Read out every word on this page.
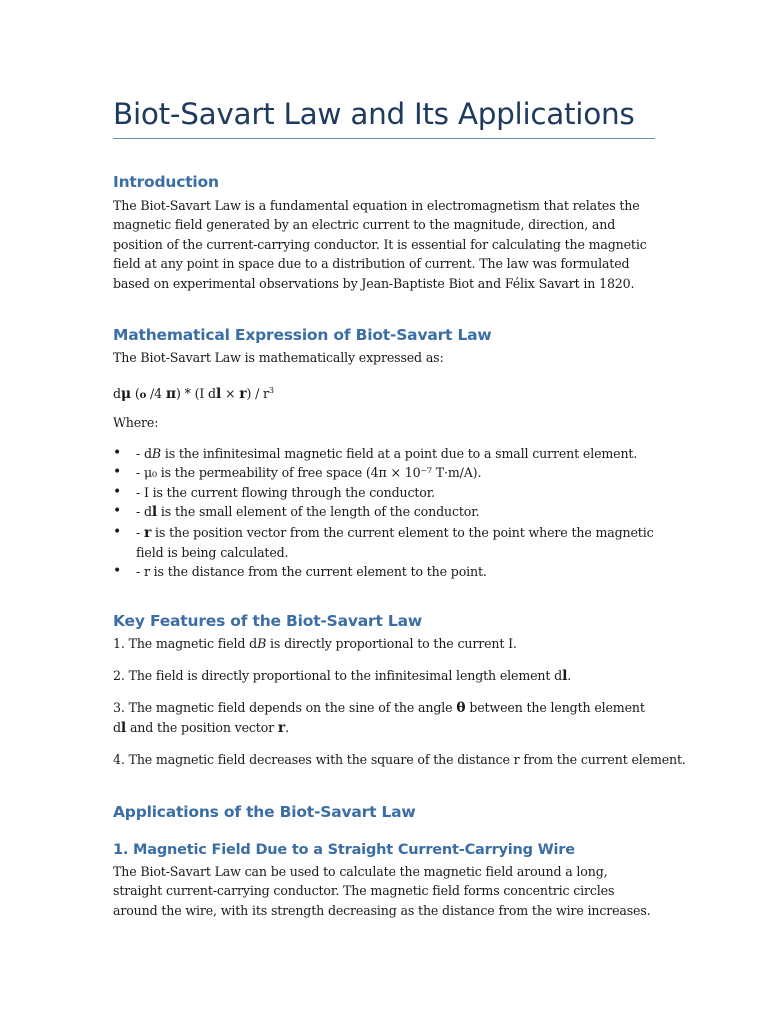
Biot-Savart Law and Its Applications
Introduction

The Biot-Savart Law is a fundamental equation in electromagnetism that relates the magnetic field generated by an electric current to the magnitude, direction, and position of the current-carrying conductor. It is essential for calculating the magnetic field at any point in space due to a distribution of current. The law was formulated based on experimental observations by Jean-Baptiste Biot and Félix Savart in 1820.

Mathematical Expression of Biot-Savart Law

The Biot-Savart Law is mathematically expressed as:

dμ (o /4 π) * (I dl × $r) / r^3$

Where:

• - dB is the infinitesimal magnetic field at a point due to a small current element.
• - μ₀ is the permeability of free space (4π × 10⁻⁷ T·m/A).
• - I is the current flowing through the conductor.
• - dl is the small element of the length of the conductor.
• - r is the position vector from the current element to the point where the magnetic field is being calculated.
• - r is the distance from the current element to the point.
Key Features of the Biot-Savart Law

1. The magnetic field dB is directly proportional to the current I.

2. The field is directly proportional to the infinitesimal length element dl.

3. The magnetic field depends on the sine of the angle θ between the length element dl and the position vector r.

4. The magnetic field decreases with the square of the distance r from the current element.

Applications of the Biot-Savart Law
1. Magnetic Field Due to a Straight Current-Carrying Wire

The Biot-Savart Law can be used to calculate the magnetic field around a long, straight current-carrying conductor. The magnetic field forms concentric circles around the wire, with its strength decreasing as the distance from the wire increases.
